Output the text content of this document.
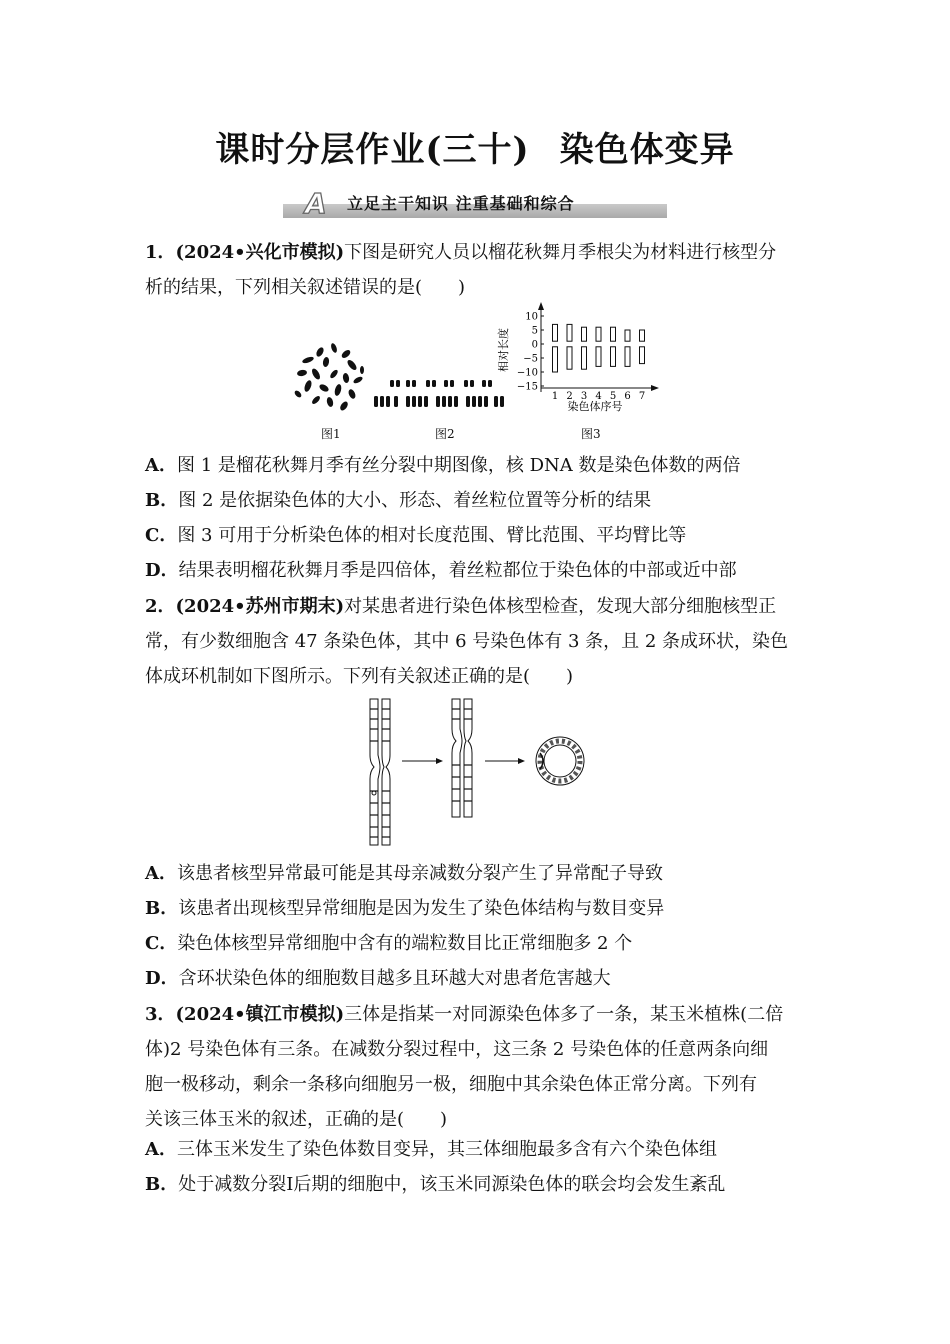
课时分层作业(三十) 染色体变异
A 立足主干知识 注重基础和综合
1．(2024•兴化市模拟)下图是研究人员以榴花秋舞月季根尖为材料进行核型分
析的结果，下列相关叙述错误的是(　　)
相对长度
10
5
0
−5
−10
−15
1 2 3 4 5 6 7
染色体序号
图1	图2	图3
A．图 1 是榴花秋舞月季有丝分裂中期图像，核 DNA 数是染色体数的两倍
B．图 2 是依据染色体的大小、形态、着丝粒位置等分析的结果
C．图 3 可用于分析染色体的相对长度范围、臂比范围、平均臂比等
D．结果表明榴花秋舞月季是四倍体，着丝粒都位于染色体的中部或近中部
2．(2024•苏州市期末)对某患者进行染色体核型检查，发现大部分细胞核型正
常，有少数细胞含 47 条染色体，其中 6 号染色体有 3 条，且 2 条成环状，染色
体成环机制如下图所示。下列有关叙述正确的是(　　)
A．该患者核型异常最可能是其母亲减数分裂产生了异常配子导致
B．该患者出现核型异常细胞是因为发生了染色体结构与数目变异
C．染色体核型异常细胞中含有的端粒数目比正常细胞多 2 个
D．含环状染色体的细胞数目越多且环越大对患者危害越大
3．(2024•镇江市模拟)三体是指某一对同源染色体多了一条，某玉米植株(二倍
体)2 号染色体有三条。在减数分裂过程中，这三条 2 号染色体的任意两条向细
胞一极移动，剩余一条移向细胞另一极，细胞中其余染色体正常分离。下列有
关该三体玉米的叙述，正确的是(　　)
A．三体玉米发生了染色体数目变异，其三体细胞最多含有六个染色体组
B．处于减数分裂Ⅰ后期的细胞中，该玉米同源染色体的联会均会发生紊乱
